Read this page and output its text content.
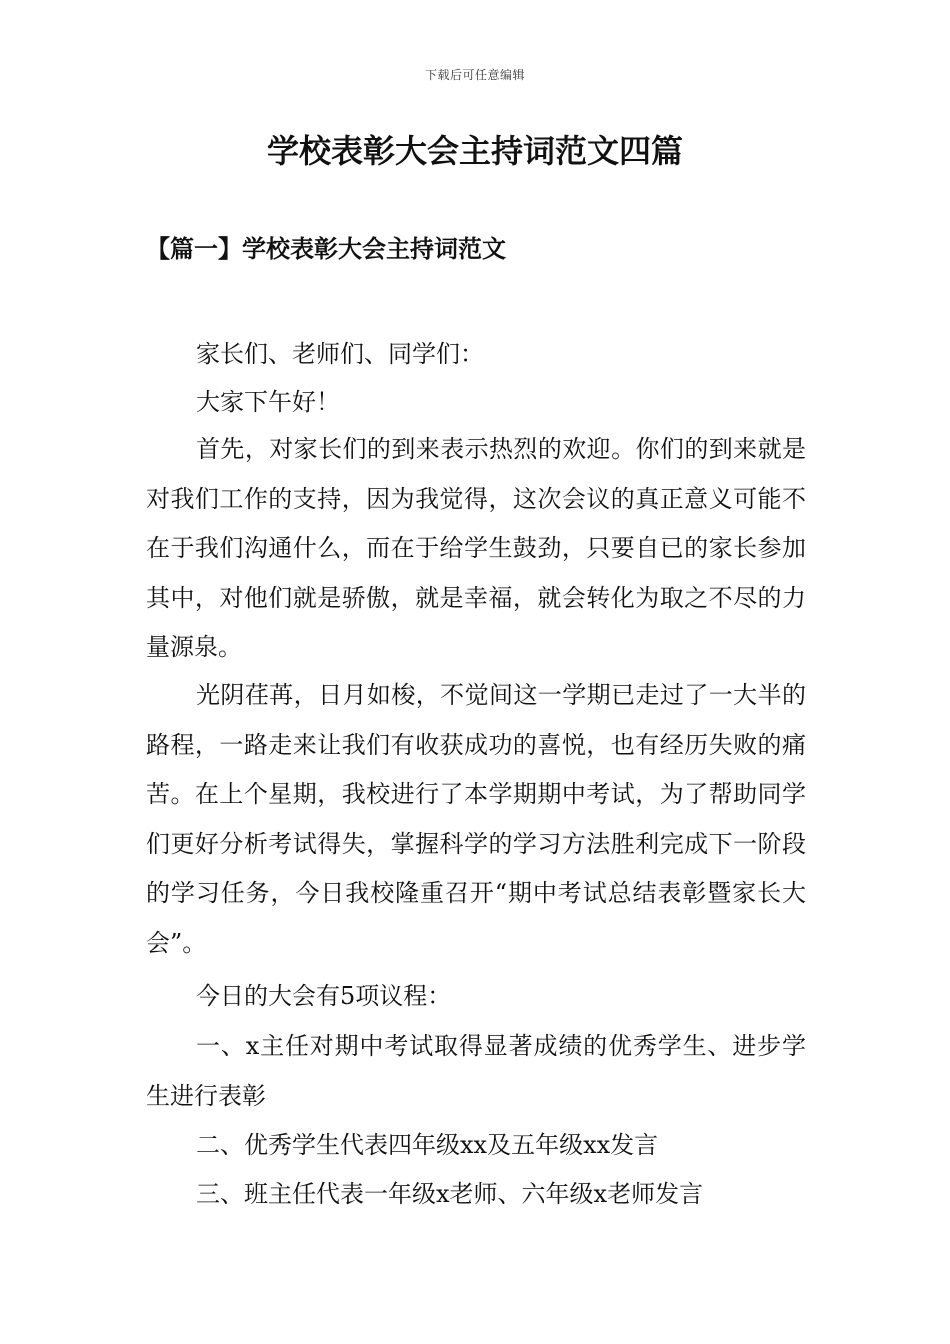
下载后可任意编辑
学校表彰大会主持词范文四篇
【篇一】学校表彰大会主持词范文

家长们、老师们、同学们：

大家下午好！

首先，对家长们的到来表示热烈的欢迎。你们的到来就是对我们工作的支持，因为我觉得，这次会议的真正意义可能不在于我们沟通什么，而在于给学生鼓劲，只要自已的家长参加其中，对他们就是骄傲，就是幸福，就会转化为取之不尽的力量源泉。

光阴荏苒，日月如梭，不觉间这一学期已走过了一大半的路程，一路走来让我们有收获成功的喜悦，也有经历失败的痛苦。在上个星期，我校进行了本学期期中考试，为了帮助同学们更好分析考试得失，掌握科学的学习方法胜利完成下一阶段的学习任务，今日我校隆重召开“期中考试总结表彰暨家长大会”。

今日的大会有5项议程：

一、x主任对期中考试取得显著成绩的优秀学生、进步学生进行表彰

二、优秀学生代表四年级xx及五年级xx发言

三、班主任代表一年级x老师、六年级x老师发言
